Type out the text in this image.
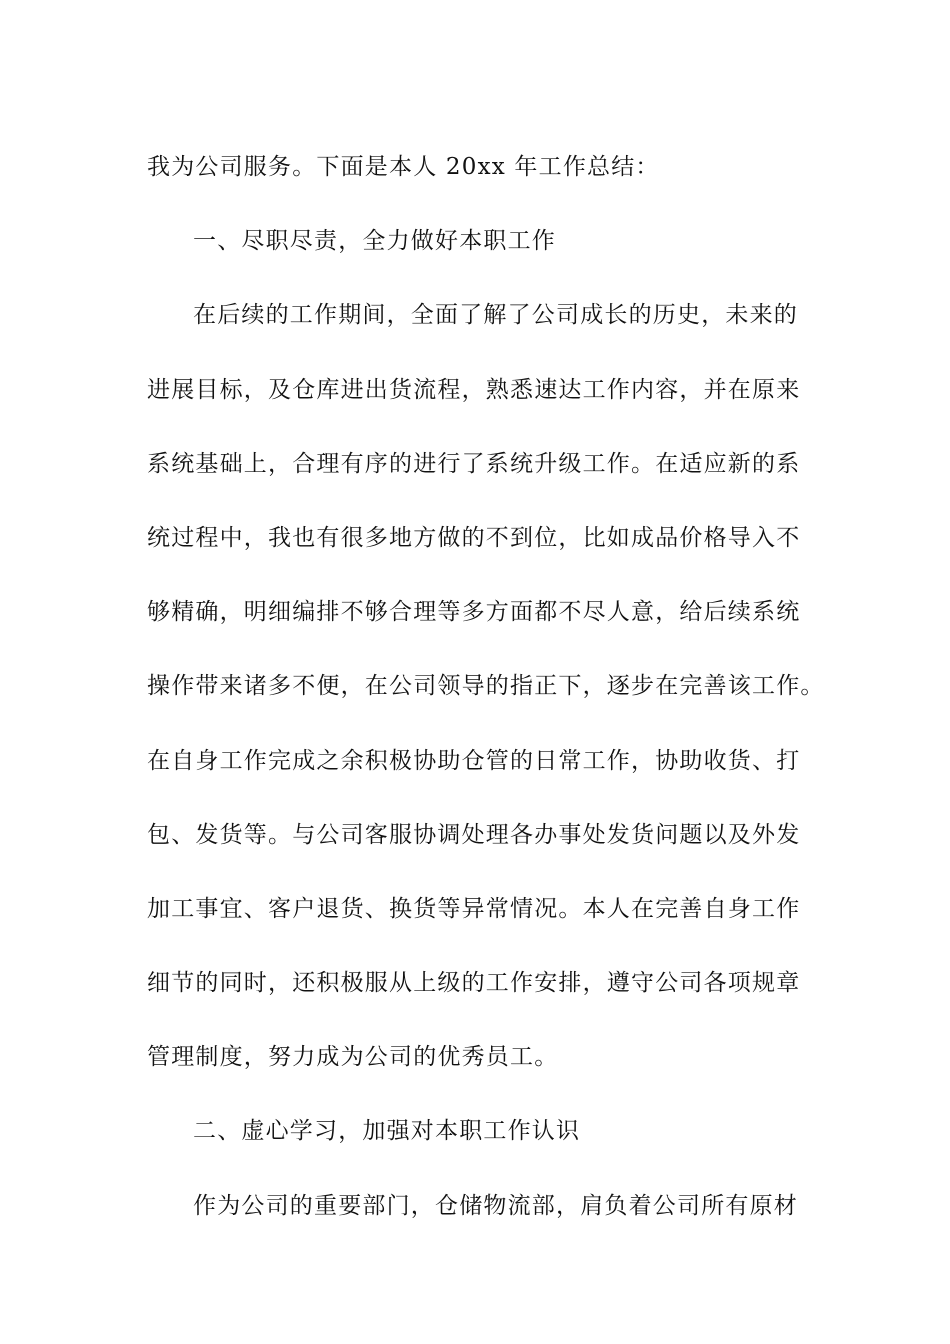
我为公司服务。下面是本人 20xx 年工作总结：
一、尽职尽责，全力做好本职工作
在后续的工作期间，全面了解了公司成长的历史，未来的
进展目标，及仓库进出货流程，熟悉速达工作内容，并在原来
系统基础上，合理有序的进行了系统升级工作。在适应新的系
统过程中，我也有很多地方做的不到位，比如成品价格导入不
够精确，明细编排不够合理等多方面都不尽人意，给后续系统
操作带来诸多不便，在公司领导的指正下，逐步在完善该工作。
在自身工作完成之余积极协助仓管的日常工作，协助收货、打
包、发货等。与公司客服协调处理各办事处发货问题以及外发
加工事宜、客户退货、换货等异常情况。本人在完善自身工作
细节的同时，还积极服从上级的工作安排，遵守公司各项规章
管理制度，努力成为公司的优秀员工。
二、虚心学习，加强对本职工作认识
作为公司的重要部门，仓储物流部，肩负着公司所有原材
